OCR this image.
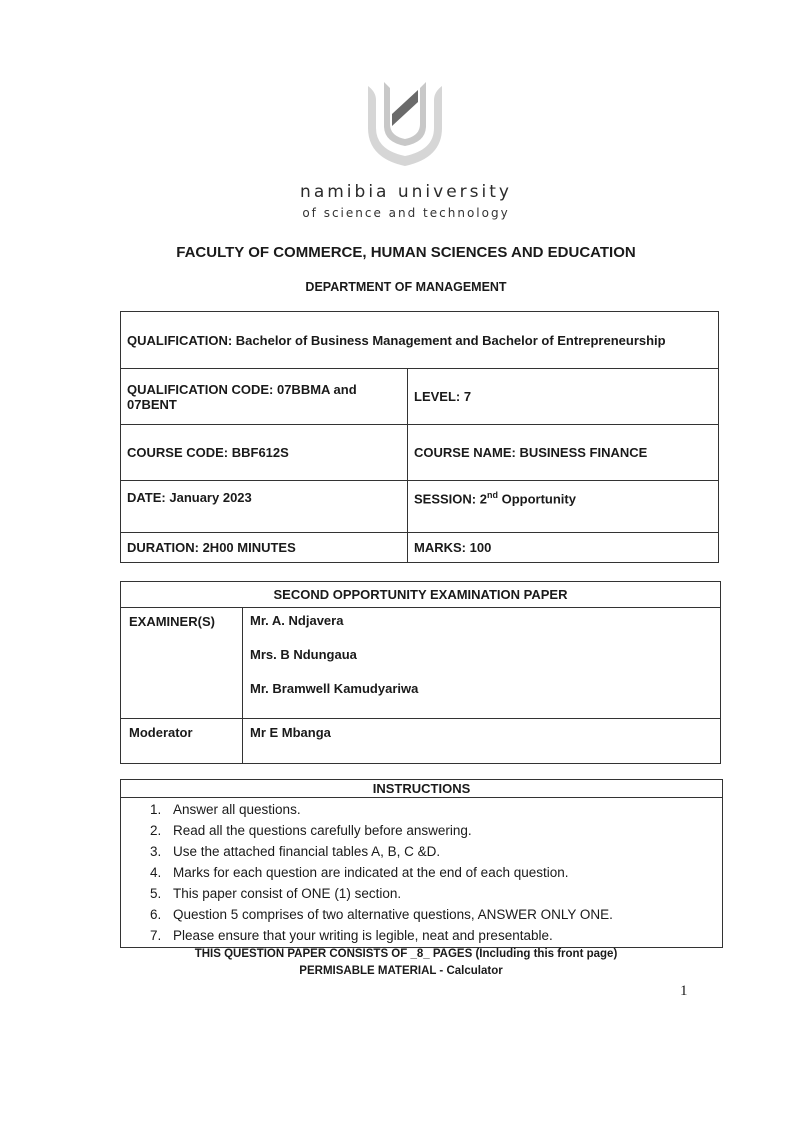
namibia university
of science and technology
FACULTY OF COMMERCE, HUMAN SCIENCES AND EDUCATION
DEPARTMENT OF MANAGEMENT
QUALIFICATION: Bachelor of Business Management and Bachelor of Entrepreneurship	
QUALIFICATION CODE: 07BBMA and 07BENT	LEVEL: 7
COURSE CODE: BBF612S	COURSE NAME: BUSINESS FINANCE
DATE: January 2023	SESSION: 2nd Opportunity
DURATION: 2H00 MINUTES	MARKS: 100
SECOND OPPORTUNITY EXAMINATION PAPER	
EXAMINER(S)	Mr. A. Ndjavera
Mrs. B Ndungaua
Mr. Bramwell Kamudyariwa

Moderator	Mr E Mbanga
INSTRUCTIONS

1. Answer all questions.
2. Read all the questions carefully before answering.
3. Use the attached financial tables A, B, C &D.
4. Marks for each question are indicated at the end of each question.
5. This paper consist of ONE (1) section.
6. Question 5 comprises of two alternative questions, ANSWER ONLY ONE.
7. Please ensure that your writing is legible, neat and presentable.
THIS QUESTION PAPER CONSISTS OF _8_ PAGES (Including this front page)
PERMISABLE MATERIAL - Calculator
1
